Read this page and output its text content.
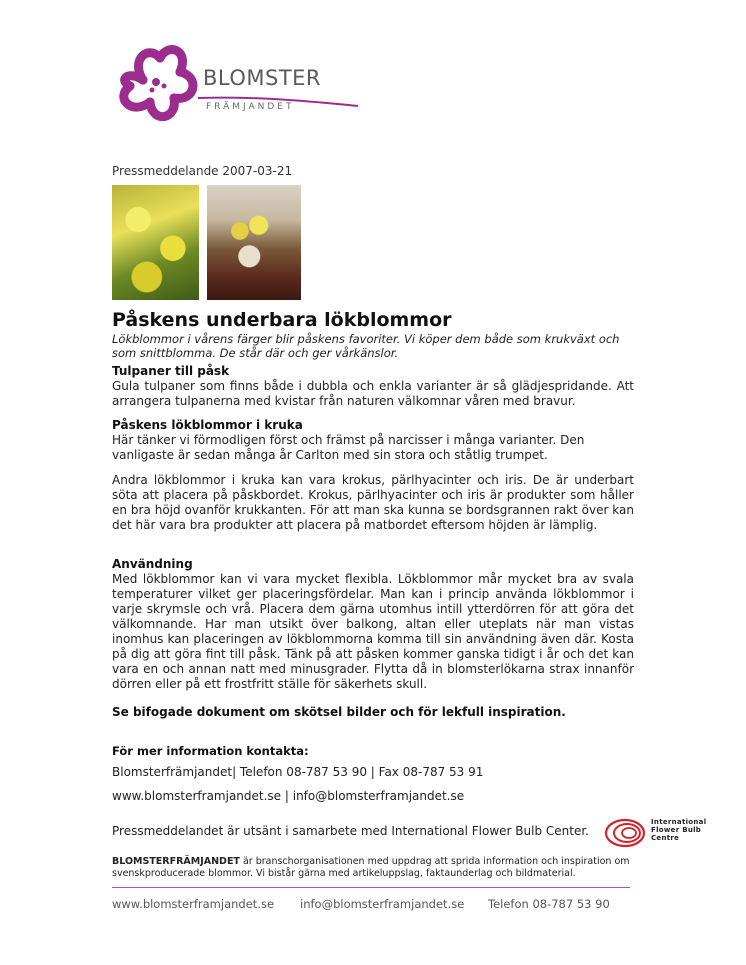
BLOMSTER
FRÄMJANDET
Pressmeddelande 2007-03-21
Påskens underbara lökblommor
Lökblommor i vårens färger blir påskens favoriter. Vi köper dem både som krukväxt och som snittblomma. De står där och ger vårkänslor.
Tulpaner till påsk
Gula tulpaner som finns både i dubbla och enkla varianter är så glädjespridande. Att arrangera tulpanerna med kvistar från naturen välkomnar våren med bravur.
Påskens lökblommor i kruka
Här tänker vi förmodligen först och främst på narcisser i många varianter. Den vanligaste är sedan många år Carlton med sin stora och ståtlig trumpet.
Andra lökblommor i kruka kan vara krokus, pärlhyacinter och iris. De är underbart söta att placera på påskbordet. Krokus, pärlhyacinter och iris är produkter som håller en bra höjd ovanför krukkanten. För att man ska kunna se bordsgrannen rakt över kan det här vara bra produkter att placera på matbordet eftersom höjden är lämplig.
Användning
Med lökblommor kan vi vara mycket flexibla. Lökblommor mår mycket bra av svala temperaturer vilket ger placeringsfördelar. Man kan i princip använda lökblommor i varje skrymsle och vrå. Placera dem gärna utomhus intill ytterdörren för att göra det välkomnande. Har man utsikt över balkong, altan eller uteplats när man vistas inomhus kan placeringen av lökblommorna komma till sin användning även där. Kosta på dig att göra fint till påsk. Tänk på att påsken kommer ganska tidigt i år och det kan vara en och annan natt med minusgrader. Flytta då in blomsterlökarna strax innanför dörren eller på ett frostfritt ställe för säkerhets skull.
Se bifogade dokument om skötsel bilder och för lekfull inspiration.
För mer information kontakta:
Blomsterfrämjandet| Telefon 08-787 53 90 | Fax 08-787 53 91
www.blomsterframjandet.se | info@blomsterframjandet.se
Pressmeddelandet är utsänt i samarbete med International Flower Bulb Center.
International
Flower Bulb
Centre
BLOMSTERFRÄMJANDET är branschorganisationen med uppdrag att sprida information och inspiration om svenskproducerade blommor. Vi bistår gärna med artikeluppslag, faktaunderlag och bildmaterial.
www.blomsterframjandet.se info@blomsterframjandet.se Telefon 08-787 53 90
